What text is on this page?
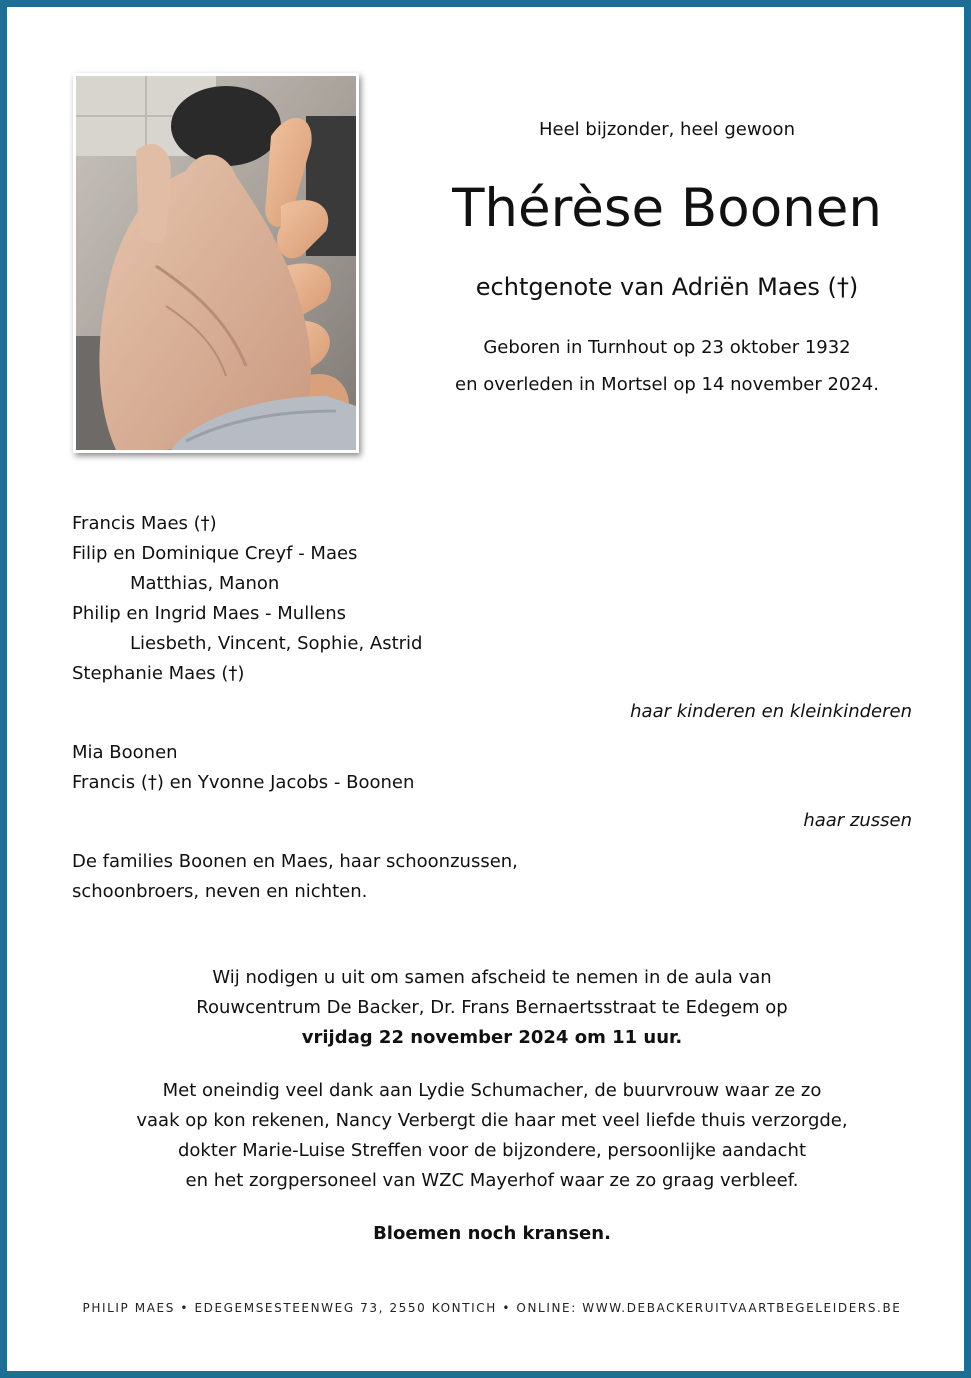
Heel bijzonder, heel gewoon
Thérèse Boonen
echtgenote van Adriën Maes (†)
Geboren in Turnhout op 23 oktober 1932
en overleden in Mortsel op 14 november 2024.
Francis Maes (†)
Filip en Dominique Creyf - Maes
Matthias, Manon
Philip en Ingrid Maes - Mullens
Liesbeth, Vincent, Sophie, Astrid
Stephanie Maes (†)
haar kinderen en kleinkinderen
Mia Boonen
Francis (†) en Yvonne Jacobs - Boonen
haar zussen
De families Boonen en Maes, haar schoonzussen,
schoonbroers, neven en nichten.
Wij nodigen u uit om samen afscheid te nemen in de aula van
Rouwcentrum De Backer, Dr. Frans Bernaertsstraat te Edegem op
vrijdag 22 november 2024 om 11 uur.
Met oneindig veel dank aan Lydie Schumacher, de buurvrouw waar ze zo
vaak op kon rekenen, Nancy Verbergt die haar met veel liefde thuis verzorgde,
dokter Marie-Luise Streffen voor de bijzondere, persoonlijke aandacht
en het zorgpersoneel van WZC Mayerhof waar ze zo graag verbleef.
Bloemen noch kransen.
PHILIP MAES • EDEGEMSESTEENWEG 73, 2550 KONTICH • ONLINE: WWW.DEBACKERUITVAARTBEGELEIDERS.BE
